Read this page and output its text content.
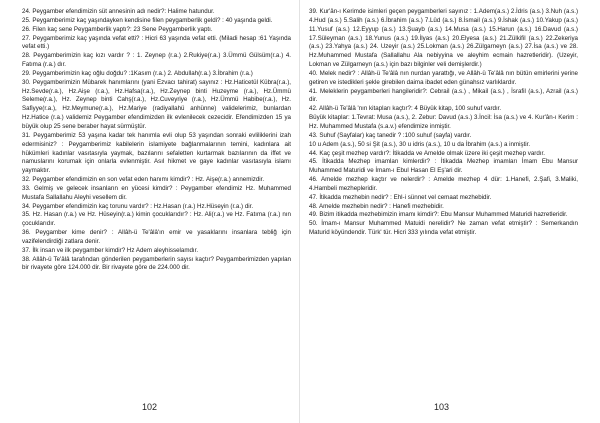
24. Peygamber efendimizin süt annesinin adı nedir?: Halime hatundur.

25. Peygamberimiz kaç yaşındayken kendisine filen peygamberlik geldi? : 40 yaşında geldi.

26. Filen kaç sene Peygamberlik yaptı?: 23 Sene Peygamberlik yaptı.

27. Peygamberimiz kaç yaşında vefat etti? : Hicri 63 yaşında vefat etti. (Miladi hesap :61 Yaşında vefat etti.)

28. Peygamberimizin kaç kızı vardır ? : 1. Zeynep (r.a.) 2.Rukiye(r.a.) 3.Ümmü Gülsüm(r.a.) 4. Fatıma (r.a.) dır.

29. Peygamberimizin kaç oğlu doğdu? :1Kasım (r.a.) 2. Abdullah(r.a.) 3.İbrahim (r.a.)

30. Peygamberimizin Mübarek hanımlarını (yani Ezvacı tahirat) sayınız : Hz.Haticetül Kübra(r.a.), Hz.Sevde(r.a.), Hz.Aişe (r.a.), Hz.Hafsa(r.a.), Hz.Zeynep binti Huzeyme (r.a.), Hz.Ümmü Seleme(r.a.), Hz. Zeynep binti Cahş(r.a.), Hz.Cuveyriye (r.a.), Hz.Ümmü Habibe(r.a.), Hz. Safiyye(r.a.), Hz.Meymune(r.a.), Hz.Mariye (radiyallahü anhünne) validelerimiz, bunlardan Hz.Hatice (r.a.) validemiz Peygamber efendimizden ilk evlenilecek cezecidir. Efendimizden 15 ya büyük olup 25 sene beraber hayat sürmüştür.

31. Peygamberimiz 53 yaşına kadar tek hanımla evli olup 53 yaşından sonraki evliliklerini izah edermisiniz? : Peygamberimiz kabilelerin islamiyete bağlanmalarının temini, kadınlara ait hükümleri kadınlar vasıtasıyla yaymak, bazılarını sefaletten kurtarmak bazılarının da iffet ve namuslarını korumak için onlarla evlenmiştir. Asıl hikmet ve gaye kadınlar vasıtasıyla islamı yaymaktır.

32. Peygamber efendimizin en son vefat eden hanımı kimdir? : Hz. Aişe(r.a.) annemizdir.

33. Gelmiş ve gelecek insanların en yücesi kimdir? : Peygamber efendimiz Hz. Muhammed Mustafa Sallallahu Aleyhi vesellem dir.

34. Peygamber efendimizin kaç torunu vardır? : Hz.Hasan (r.a.) Hz.Hüseyin (r.a.) dir.

35. Hz. Hasan (r.a.) ve Hz. Hüseyin(r.a.) kimin çocuklarıdır? : Hz. Ali(r.a.) ve Hz. Fatıma (r.a.) nın çocuklarıdır.

36. Peygamber kime denir? : Allâh-ü Te'âlâ'ın emir ve yasaklarını insanlara tebliğ için vazifelendirdiği zatlara denir.

37. İlk insan ve ilk peygamber kimdir? Hz Adem aleyhisselamdır.

38. Allâh-ü Te'âlâ tarafından gönderilen peygamberlerin sayısı kaçtır? Peygamberimizden yapılan bir rivayete göre 124.000 dir. Bir rivayete göre de 224.000 dir.

102

39. Kur'ân-ı Kerimde isimleri geçen peygamberleri sayınız : 1.Adem(a.s.) 2.İdris (a.s.) 3.Nuh (a.s.) 4.Hud (a.s.) 5.Salih (a.s.) 6.İbrahim (a.s.) 7.Lûd (a.s.) 8.İsmail (a.s.) 9.İshak (a.s.) 10.Yakup (a.s.) 11.Yusuf (a.s.) 12.Eyyup (a.s.) 13.Şuayb (a.s.) 14.Musa (a.s.) 15.Harun (a.s.) 16.Davud (a.s.) 17.Süleyman (a.s.) 18.Yunus (a.s.) 19.İlyas (a.s.) 20.Elyesa (a.s.) 21.Zülkifil (a.s.) 22.Zekeriya (a.s.) 23.Yahya (a.s.) 24. Uzeyir (a.s.) 25.Lokman (a.s.) 26.Zülgarneyn (a.s.) 27.İsa (a.s.) ve 28. Hz.Muhammed Mustafa (Sallallahu Ala nebiyyina ve aleyhim ecmain hazretleridir). (Uzeyir, Lokman ve Zülgarneyn (a.s.) için bazı bilginler veli demişlerdir.)

40. Melek nedir? : Allâh-ü Te'âlâ nın nurdan yarattığı, ve Allâh-ü Te'âlâ nın bütün emirlerini yerine getiren ve istedikleri şekle girebilen daima ibadet eden günahsız varlıklardır.

41. Meleklerin peygamberleri hangileridir?: Cebrail (a.s.) , Mikail (a.s.) , İsrafil (a.s.), Azrail (a.s.) dir.

42. Allâh-ü Te'âlâ 'nın kitapları kaçtır?: 4 Büyük kitap, 100 suhuf vardır.

Büyük kitaplar: 1.Tevrat: Musa (a.s.), 2. Zebur: Davud (a.s.) 3.İncil: İsa (a.s.) ve 4. Kur'ân-ı Kerim : Hz. Muhammed Mustafa (s.a.v.) efendimize inmiştir.

43. Suhuf (Sayfalar) kaç tanedir ? :100 suhuf (sayfa) vardır.

10 u Adem (a.s.), 50 si Şit (a.s.), 30 u idris (a.s.), 10 u da İbrahim (a.s.) a inmiştir.

44. Kaç çeşit mezhep vardır?: İtikadda ve Amelde olmak üzere iki çeşit mezhep vardır.

45. İtikadda Mezhep imamları kimlerdir? : İtikadda Mezhep imamları İmam Ebu Mansur Muhammed Maturidi ve İmam-ı Ebul Hasan El Eş'ari dir.

46. Amelde mezhep kaçtır ve nelerdir? : Amelde mezhep 4 dür: 1.Hanefi, 2.Şafi, 3.Maliki, 4.Hambeli mezhepleridir.

47. İtikadda mezhebin nedir? : Ehl-i sünnet vel cemaat mezhebidir.

48. Amelde mezhebin nedir? : Hanefi mezhebidir.

49. Bizim itikadda mezhebimizin imamı kimdir?: Ebu Mansur Muhammed Maturidi hazretleridir.

50. İmam-ı Mansur Muhammed Matuidi nerelidir? Ne zaman vefat etmiştir? : Semerkandın Maturid köyündendir. Türk' tür. Hicri 333 yılında vefat etmiştir.

103
